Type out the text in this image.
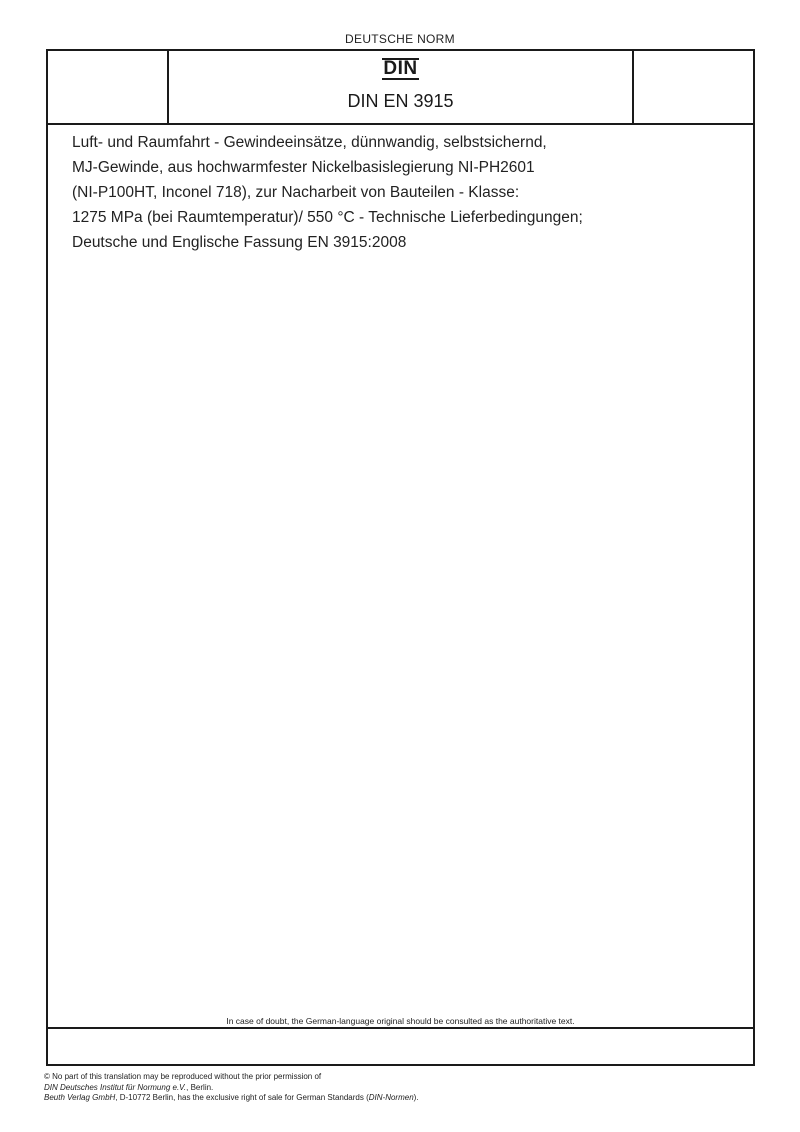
DEUTSCHE NORM
DIN
DIN EN 3915
In case of doubt, the German-language original should be consulted as the authoritative text.
Luft- und Raumfahrt - Gewindeeinsätze, dünnwandig, selbstsichernd,
MJ-Gewinde, aus hochwarmfester Nickelbasislegierung NI-PH2601
(NI-P100HT, Inconel 718), zur Nacharbeit von Bauteilen - Klasse:
1275 MPa (bei Raumtemperatur)/ 550 °C - Technische Lieferbedingungen;
Deutsche und Englische Fassung EN 3915:2008
© No part of this translation may be reproduced without the prior permission of
DIN Deutsches Institut für Normung e.V., Berlin.
Beuth Verlag GmbH, D-10772 Berlin, has the exclusive right of sale for German Standards (DIN-Normen).
